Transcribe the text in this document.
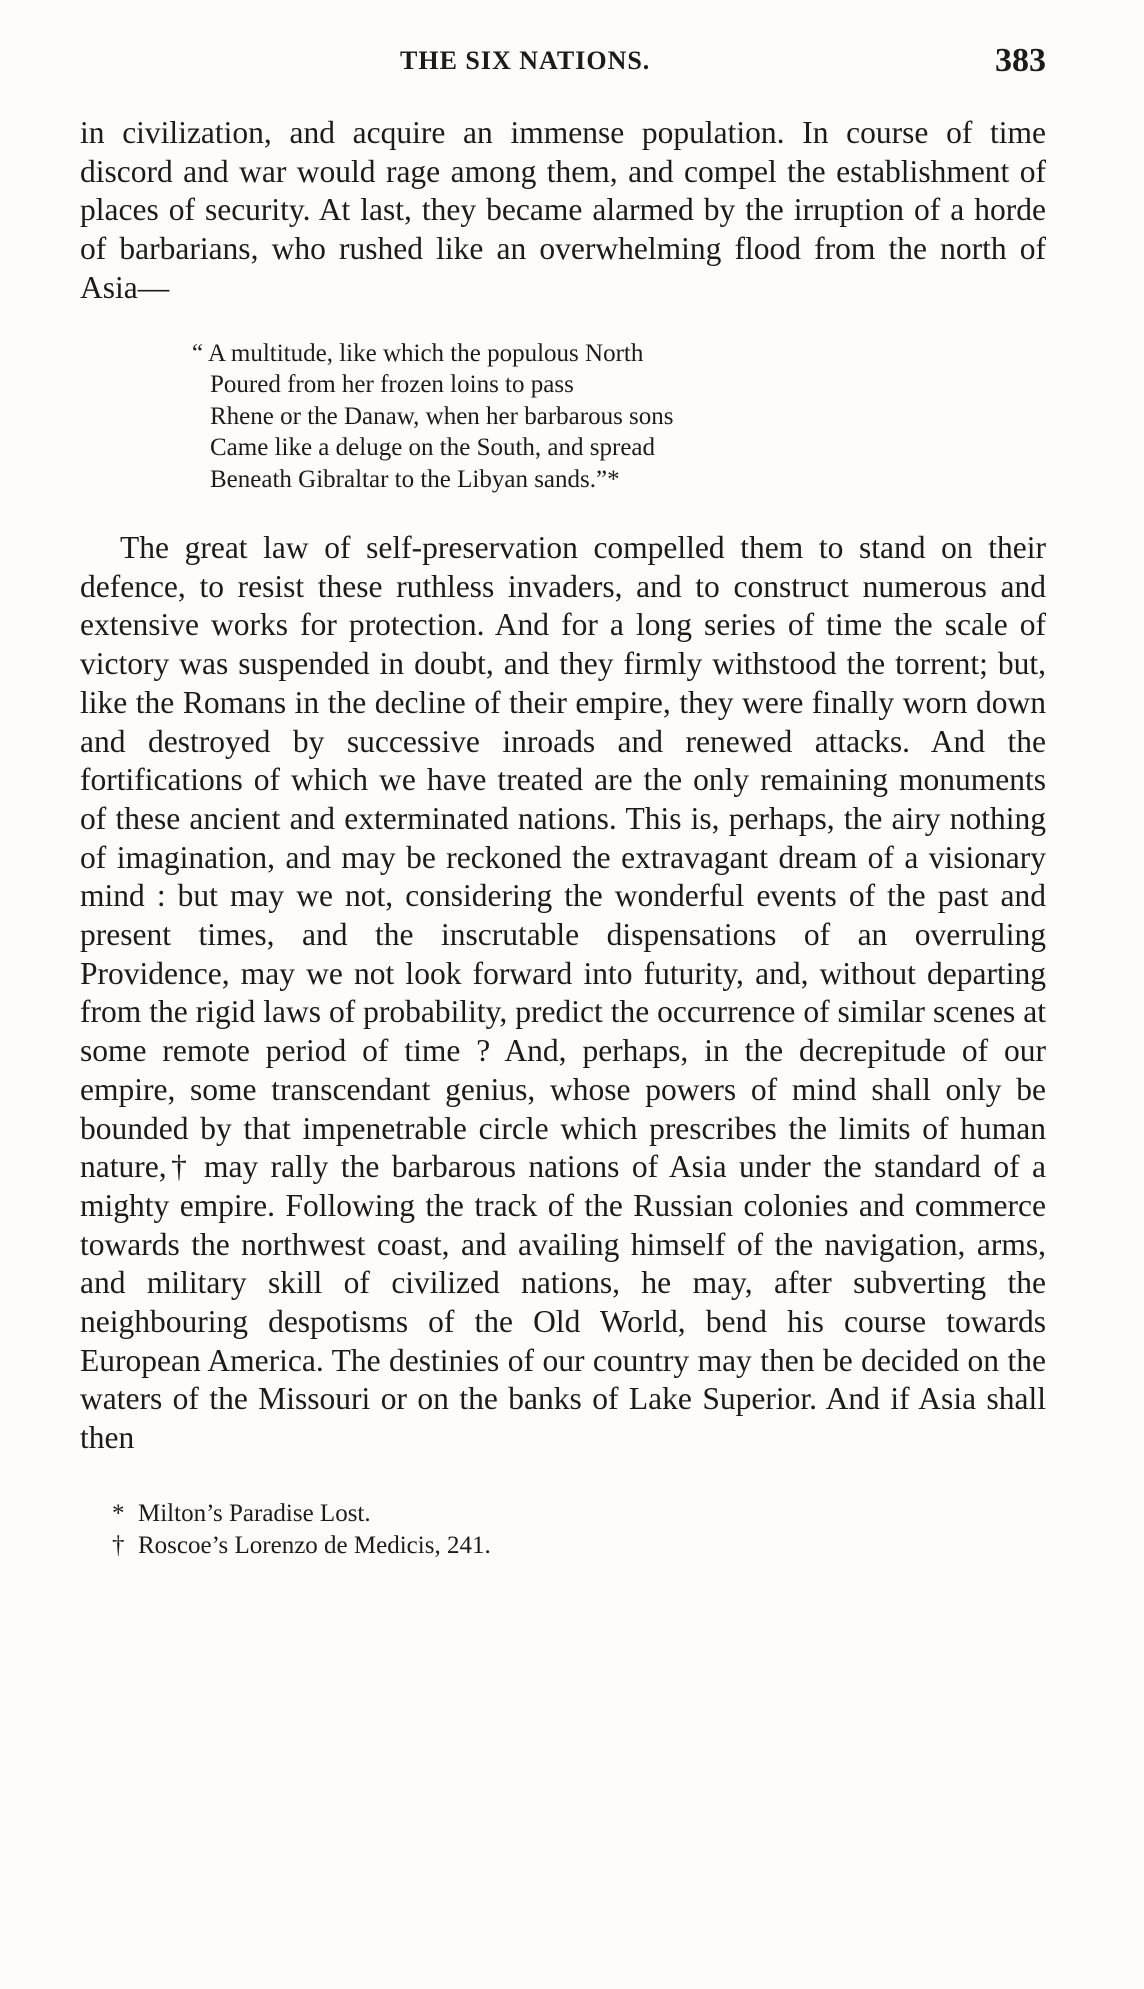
THE SIX NATIONS.	383

in civilization, and acquire an immense population. In course of time discord and war would rage among them, and compel the establishment of places of security. At last, they became alarmed by the irruption of a horde of barbarians, who rushed like an overwhelming flood from the north of Asia—

“ A multitude, like which the populous North
Poured from her frozen loins to pass
Rhene or the Danaw, when her barbarous sons
Came like a deluge on the South, and spread
Beneath Gibraltar to the Libyan sands.”*

The great law of self-preservation compelled them to stand on their defence, to resist these ruthless invaders, and to construct numerous and extensive works for protection. And for a long series of time the scale of victory was suspended in doubt, and they firmly withstood the torrent; but, like the Romans in the decline of their empire, they were finally worn down and destroyed by successive inroads and renewed attacks. And the fortifications of which we have treated are the only remaining monuments of these ancient and exterminated nations. This is, perhaps, the airy nothing of imagination, and may be reckoned the extravagant dream of a visionary mind : but may we not, considering the wonderful events of the past and present times, and the inscrutable dispensations of an overruling Providence, may we not look forward into futurity, and, without departing from the rigid laws of probability, predict the occurrence of similar scenes at some remote period of time ? And, perhaps, in the decrepitude of our empire, some transcendant genius, whose powers of mind shall only be bounded by that impenetrable circle which prescribes the limits of human nature,† may rally the barbarous nations of Asia under the standard of a mighty empire. Following the track of the Russian colonies and commerce towards the northwest coast, and availing himself of the navigation, arms, and military skill of civilized nations, he may, after subverting the neighbouring despotisms of the Old World, bend his course towards European America. The destinies of our country may then be decided on the waters of the Missouri or on the banks of Lake Superior. And if Asia shall then

* Milton’s Paradise Lost.
† Roscoe’s Lorenzo de Medicis, 241.
